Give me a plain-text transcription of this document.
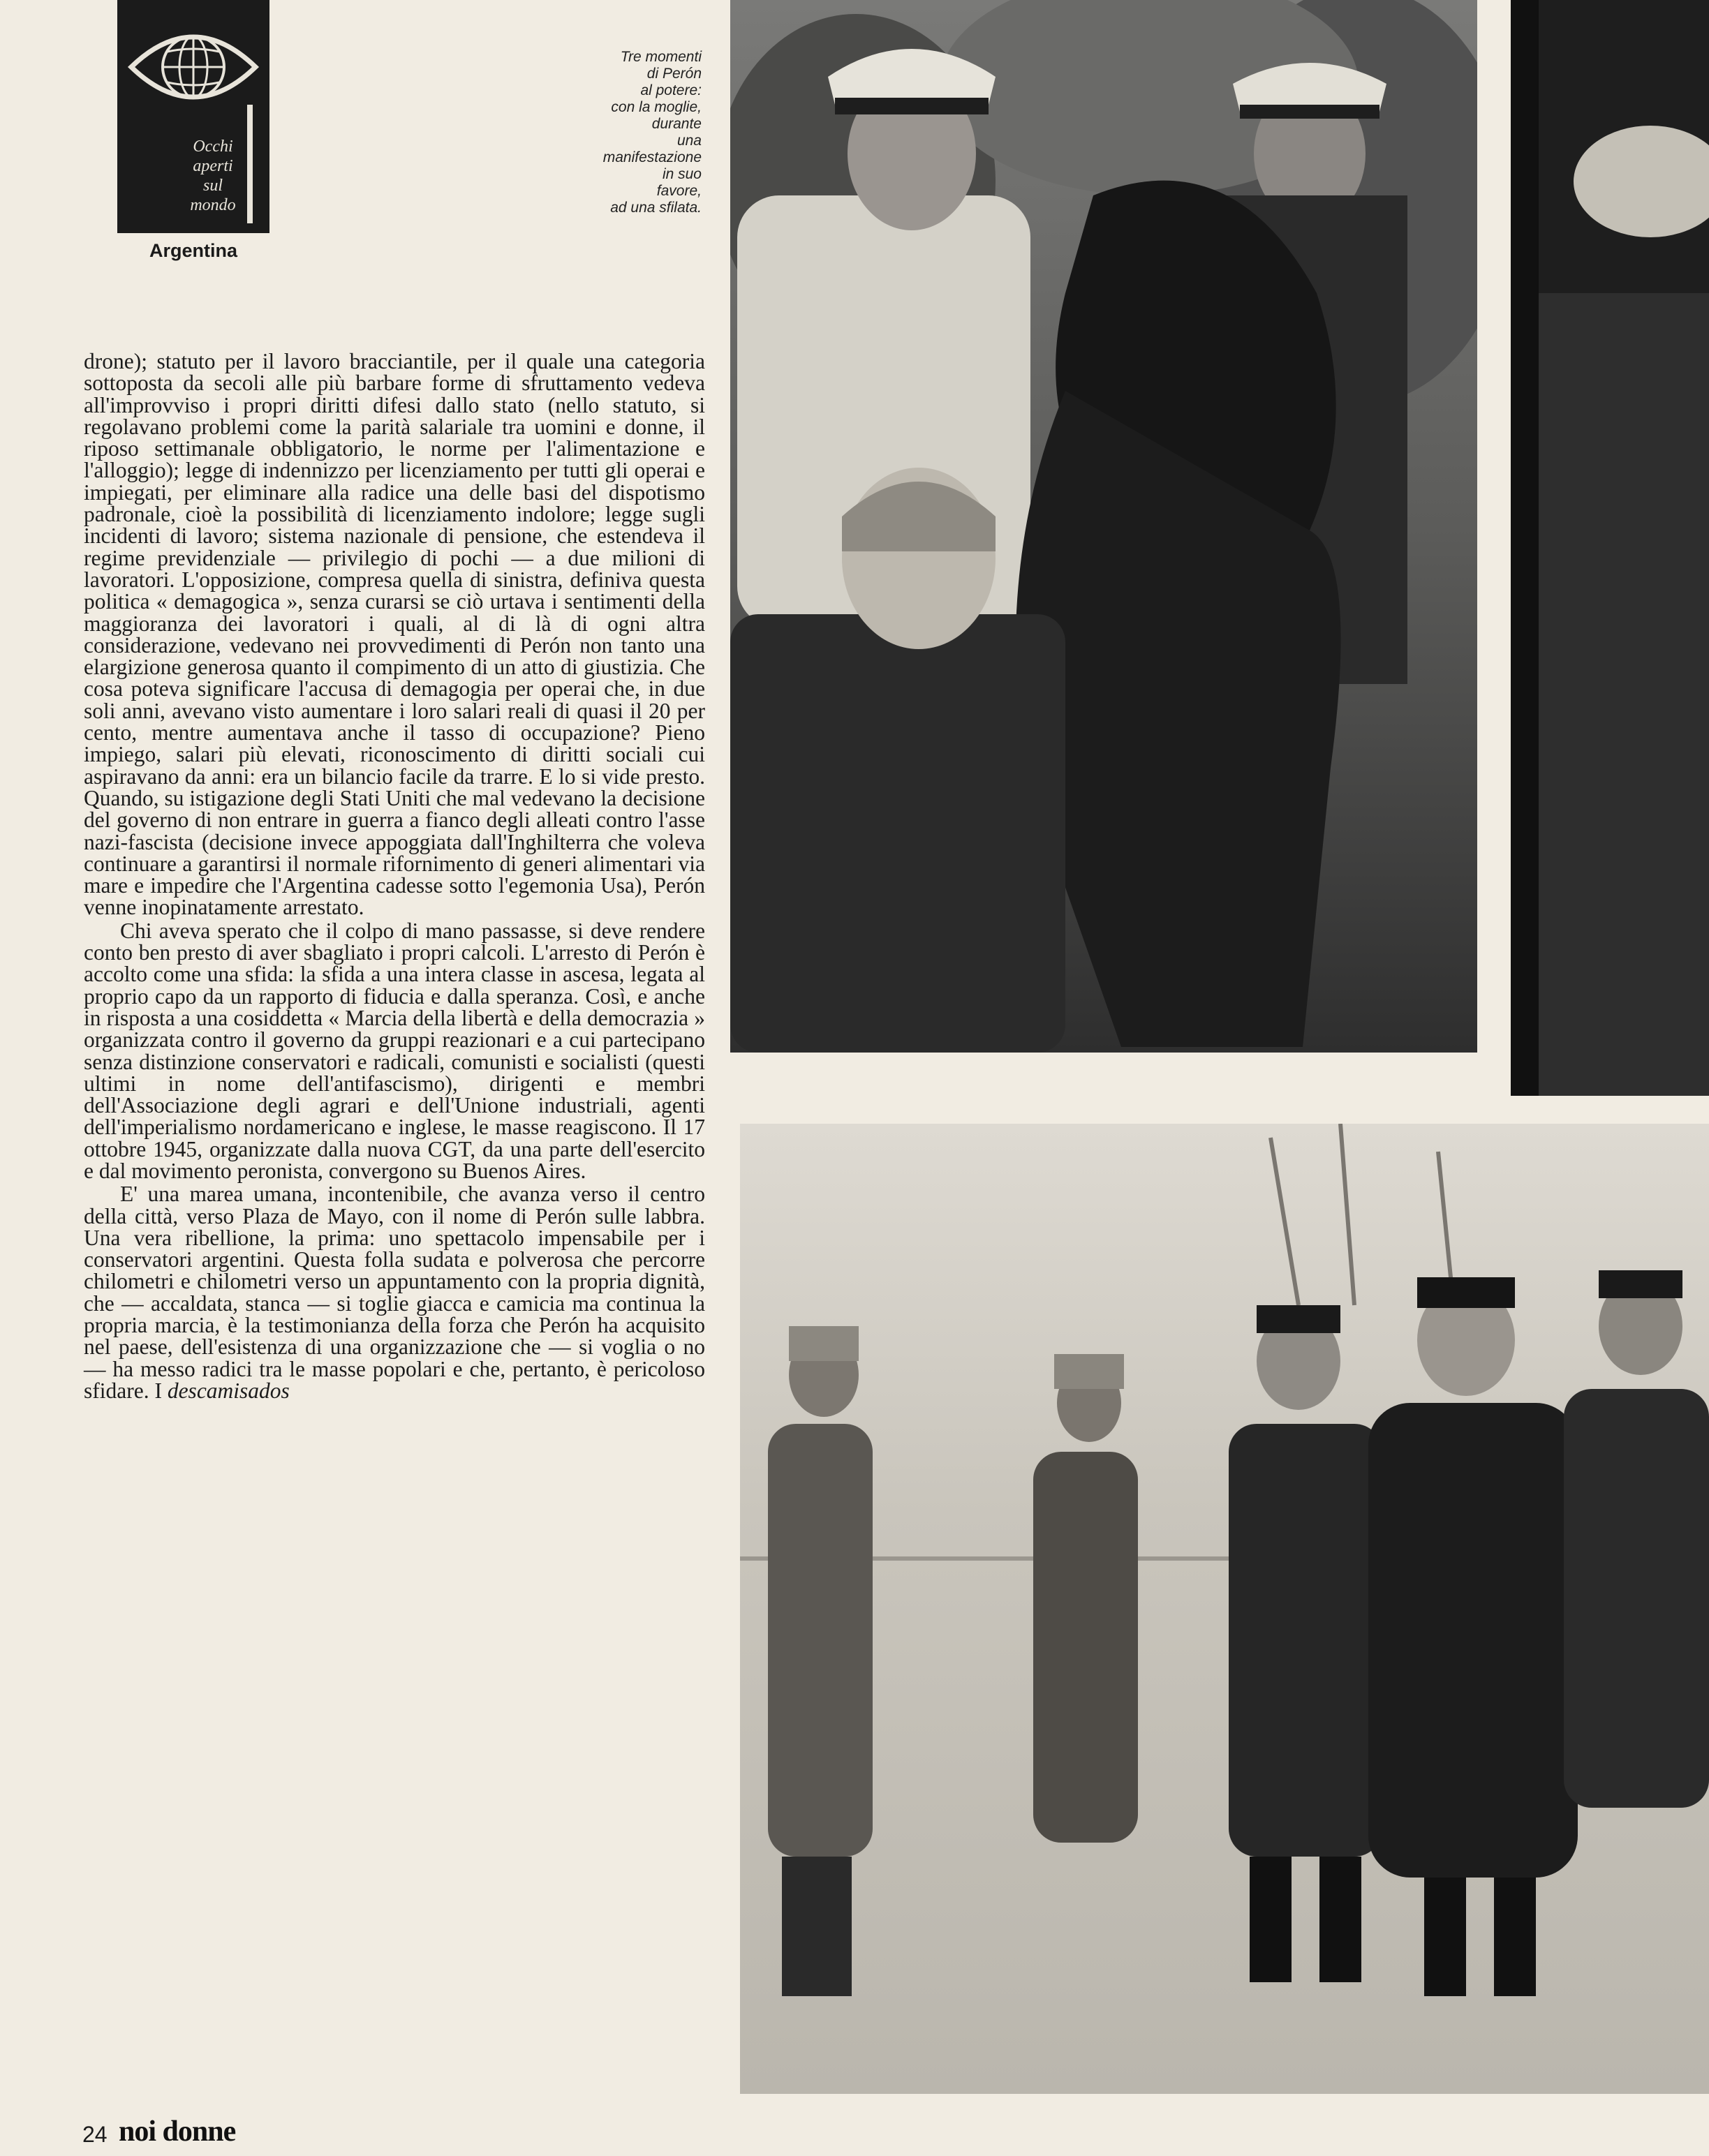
Occhi
aperti
sul
mondo
Argentina
Tre momenti
di Perón
al potere:
con la moglie,
durante
una
manifestazione
in suo
favore,
ad una sfilata.

drone); statuto per il lavoro bracciantile, per il quale una categoria sottoposta da secoli alle più barbare forme di sfruttamento vedeva all'improvviso i propri diritti difesi dallo stato (nello statuto, si regolavano problemi come la parità salariale tra uomini e donne, il riposo settimanale obbligatorio, le norme per l'alimentazione e l'alloggio); legge di indennizzo per licenziamento per tutti gli operai e impiegati, per eliminare alla radice una delle basi del dispotismo padronale, cioè la possibilità di licenziamento indolore; legge sugli incidenti di lavoro; sistema nazionale di pensione, che estendeva il regime previdenziale — privilegio di pochi — a due milioni di lavoratori. L'opposizione, compresa quella di sinistra, definiva questa politica « demagogica », senza curarsi se ciò urtava i sentimenti della maggioranza dei lavoratori i quali, al di là di ogni altra considerazione, vedevano nei provvedimenti di Perón non tanto una elargizione generosa quanto il compimento di un atto di giustizia. Che cosa poteva significare l'accusa di demagogia per operai che, in due soli anni, avevano visto aumentare i loro salari reali di quasi il 20 per cento, mentre aumentava anche il tasso di occupazione? Pieno impiego, salari più elevati, riconoscimento di diritti sociali cui aspiravano da anni: era un bilancio facile da trarre. E lo si vide presto. Quando, su istigazione degli Stati Uniti che mal vedevano la decisione del governo di non entrare in guerra a fianco degli alleati contro l'asse nazi-fascista (decisione invece appoggiata dall'Inghilterra che voleva continuare a garantirsi il normale rifornimento di generi alimentari via mare e impedire che l'Argentina cadesse sotto l'egemonia Usa), Perón venne inopinatamente arrestato.

Chi aveva sperato che il colpo di mano passasse, si deve rendere conto ben presto di aver sbagliato i propri calcoli. L'arresto di Perón è accolto come una sfida: la sfida a una intera classe in ascesa, legata al proprio capo da un rapporto di fiducia e dalla speranza. Così, e anche in risposta a una cosiddetta « Marcia della libertà e della democrazia » organizzata contro il governo da gruppi reazionari e a cui partecipano senza distinzione conservatori e radicali, comunisti e socialisti (questi ultimi in nome dell'antifascismo), dirigenti e membri dell'Associazione degli agrari e dell'Unione industriali, agenti dell'imperialismo nordamericano e inglese, le masse reagiscono. Il 17 ottobre 1945, organizzate dalla nuova CGT, da una parte dell'esercito e dal movimento peronista, convergono su Buenos Aires.

E' una marea umana, incontenibile, che avanza verso il centro della città, verso Plaza de Mayo, con il nome di Perón sulle labbra. Una vera ribellione, la prima: uno spettacolo impensabile per i conservatori argentini. Questa folla sudata e polverosa che percorre chilometri e chilometri verso un appuntamento con la propria dignità, che — accaldata, stanca — si toglie giacca e camicia ma continua la propria marcia, è la testimonianza della forza che Perón ha acquisito nel paese, dell'esistenza di una organizzazione che — si voglia o no — ha messo radici tra le masse popolari e che, pertanto, è pericoloso sfidare. I descamisados

24 noi donne
